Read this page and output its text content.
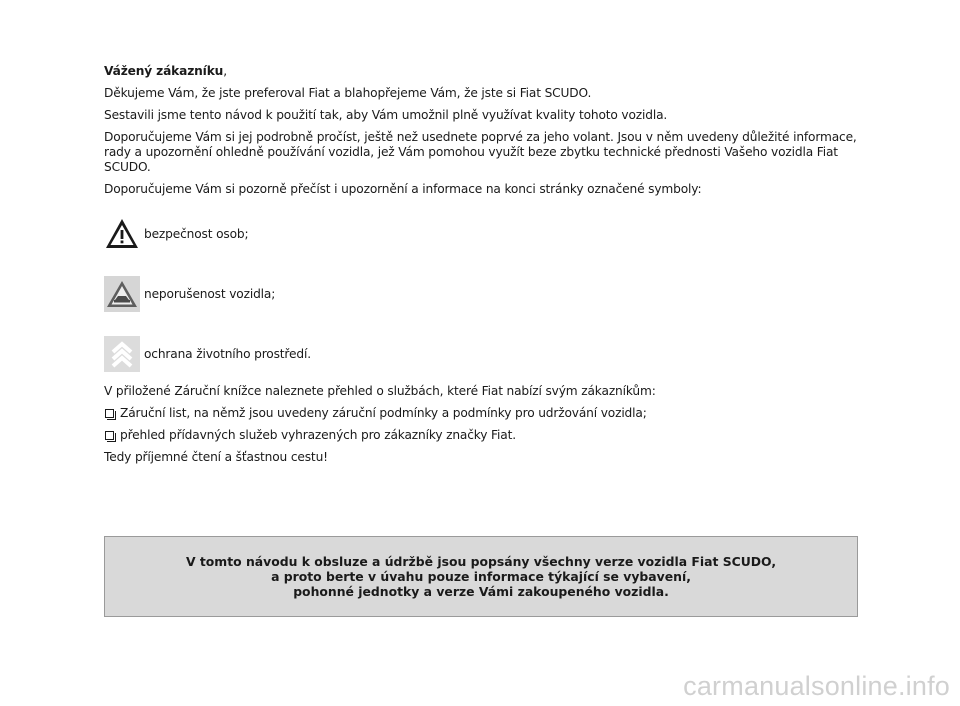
Vážený zákazníku,

Děkujeme Vám, že jste preferoval Fiat a blahopřejeme Vám, že jste si Fiat SCUDO.

Sestavili jsme tento návod k použití tak, aby Vám umožnil plně využívat kvality tohoto vozidla.

Doporučujeme Vám si jej podrobně pročíst, ještě než usednete poprvé za jeho volant. Jsou v něm uvedeny důležité informace, rady a upozornění ohledně používání vozidla, jež Vám pomohou využít beze zbytku technické přednosti Vašeho vozidla Fiat SCUDO.

Doporučujeme Vám si pozorně přečíst i upozornění a informace na konci stránky označené symboly:

bezpečnost osob;
neporušenost vozidla;
ochrana životního prostředí.

V přiložené Záruční knížce naleznete přehled o službách, které Fiat nabízí svým zákazníkům:

Záruční list, na němž jsou uvedeny záruční podmínky a podmínky pro udržování vozidla;
přehled přídavných služeb vyhrazených pro zákazníky značky Fiat.

Tedy příjemné čtení a šťastnou cestu!

V tomto návodu k obsluze a údržbě jsou popsány všechny verze vozidla Fiat SCUDO,
a proto berte v úvahu pouze informace týkající se vybavení,
pohonné jednotky a verze Vámi zakoupeného vozidla.
carmanualsonline.info
